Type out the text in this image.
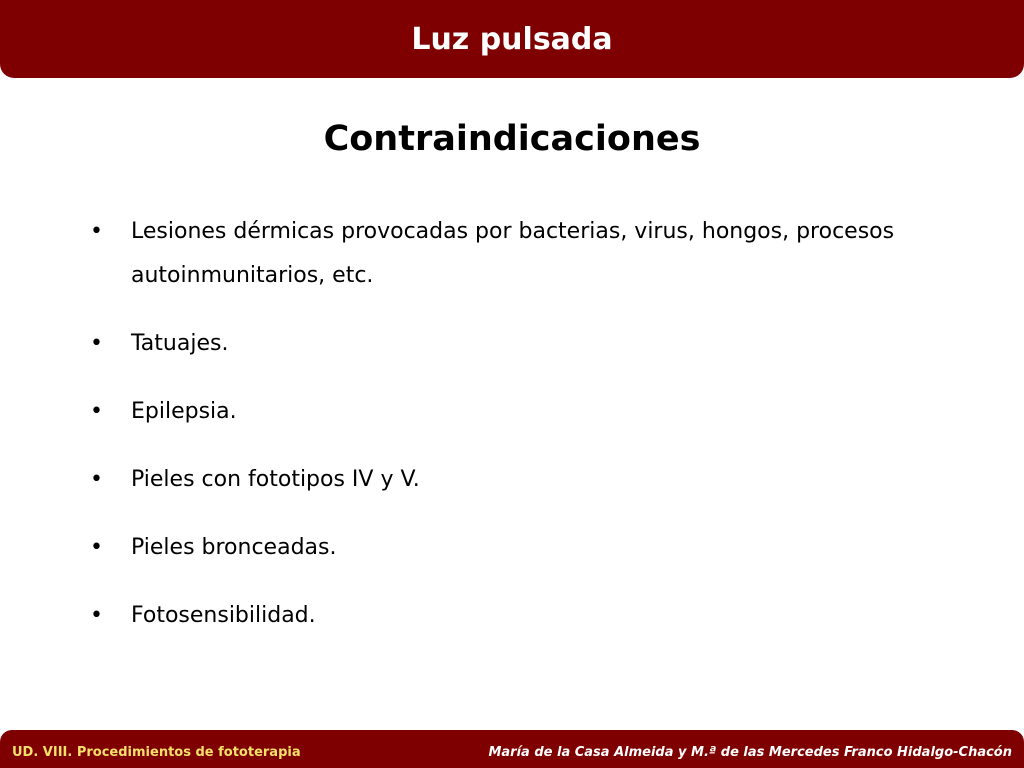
Luz pulsada
Contraindicaciones
•	Lesiones dérmicas provocadas por bacterias, virus, hongos, procesos autoinmunitarios, etc.
•	Tatuajes.
•	Epilepsia.
•	Pieles con fototipos IV y V.
•	Pieles bronceadas.
•	Fotosensibilidad.
UD. VIII. Procedimientos de fototerapia	María de la Casa Almeida y M.ª de las Mercedes Franco Hidalgo-Chacón
